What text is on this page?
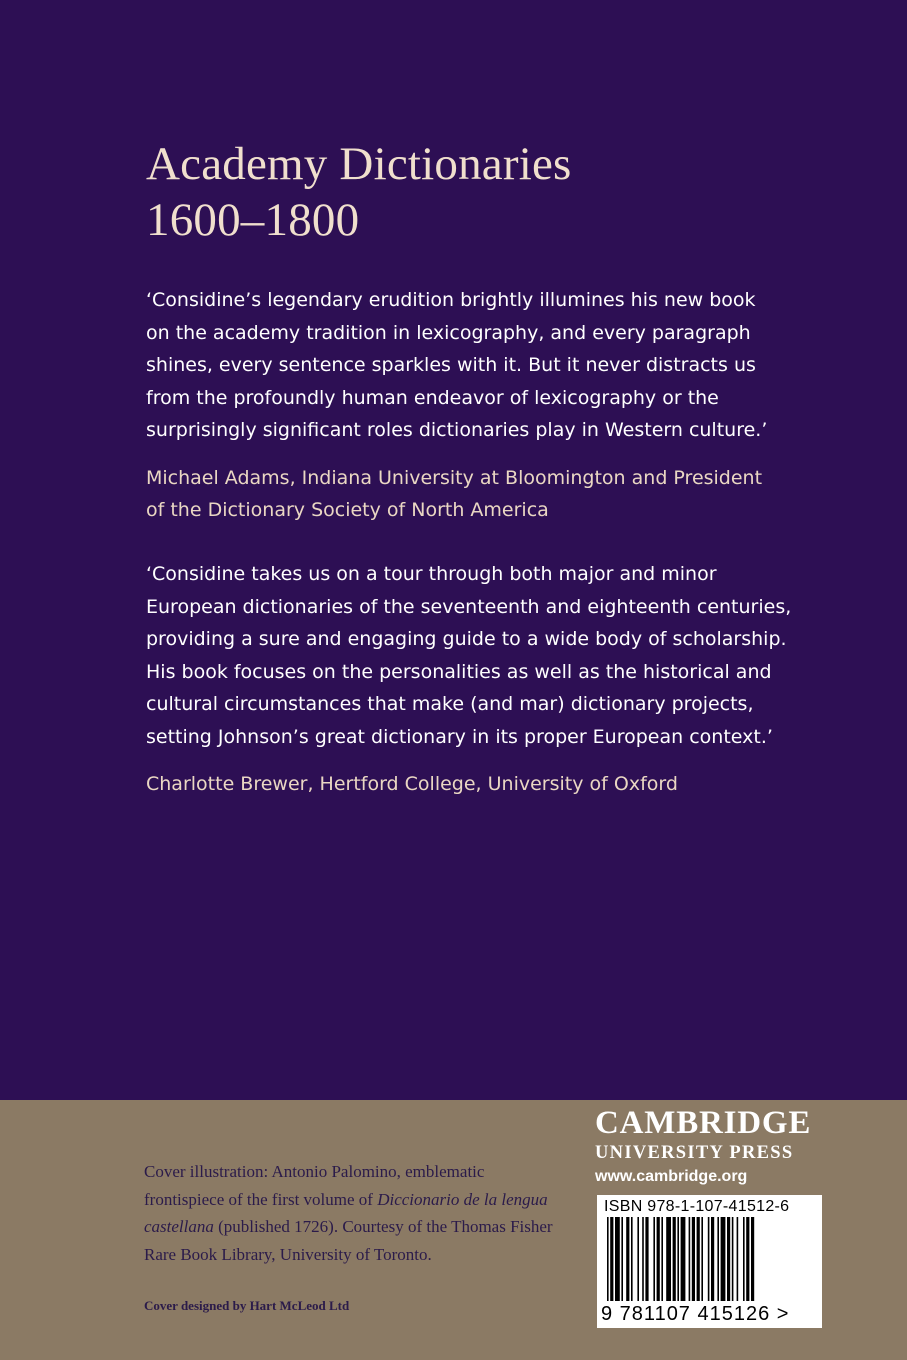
Academy Dictionaries
1600–1800
‘Considine’s legendary erudition brightly illumines his new book
on the academy tradition in lexicography, and every paragraph
shines, every sentence sparkles with it. But it never distracts us
from the profoundly human endeavor of lexicography or the
surprisingly significant roles dictionaries play in Western culture.’
Michael Adams, Indiana University at Bloomington and President
of the Dictionary Society of North America
‘Considine takes us on a tour through both major and minor
European dictionaries of the seventeenth and eighteenth centuries,
providing a sure and engaging guide to a wide body of scholarship.
His book focuses on the personalities as well as the historical and
cultural circumstances that make (and mar) dictionary projects,
setting Johnson’s great dictionary in its proper European context.’
Charlotte Brewer, Hertford College, University of Oxford
Cover illustration: Antonio Palomino, emblematic
frontispiece of the first volume of Diccionario de la lengua
castellana (published 1726). Courtesy of the Thomas Fisher
Rare Book Library, University of Toronto.
Cover designed by Hart McLeod Ltd
CAMBRIDGE
UNIVERSITY PRESS
www.cambridge.org
ISBN 978-1-107-41512-6
9 781107 415126 >
